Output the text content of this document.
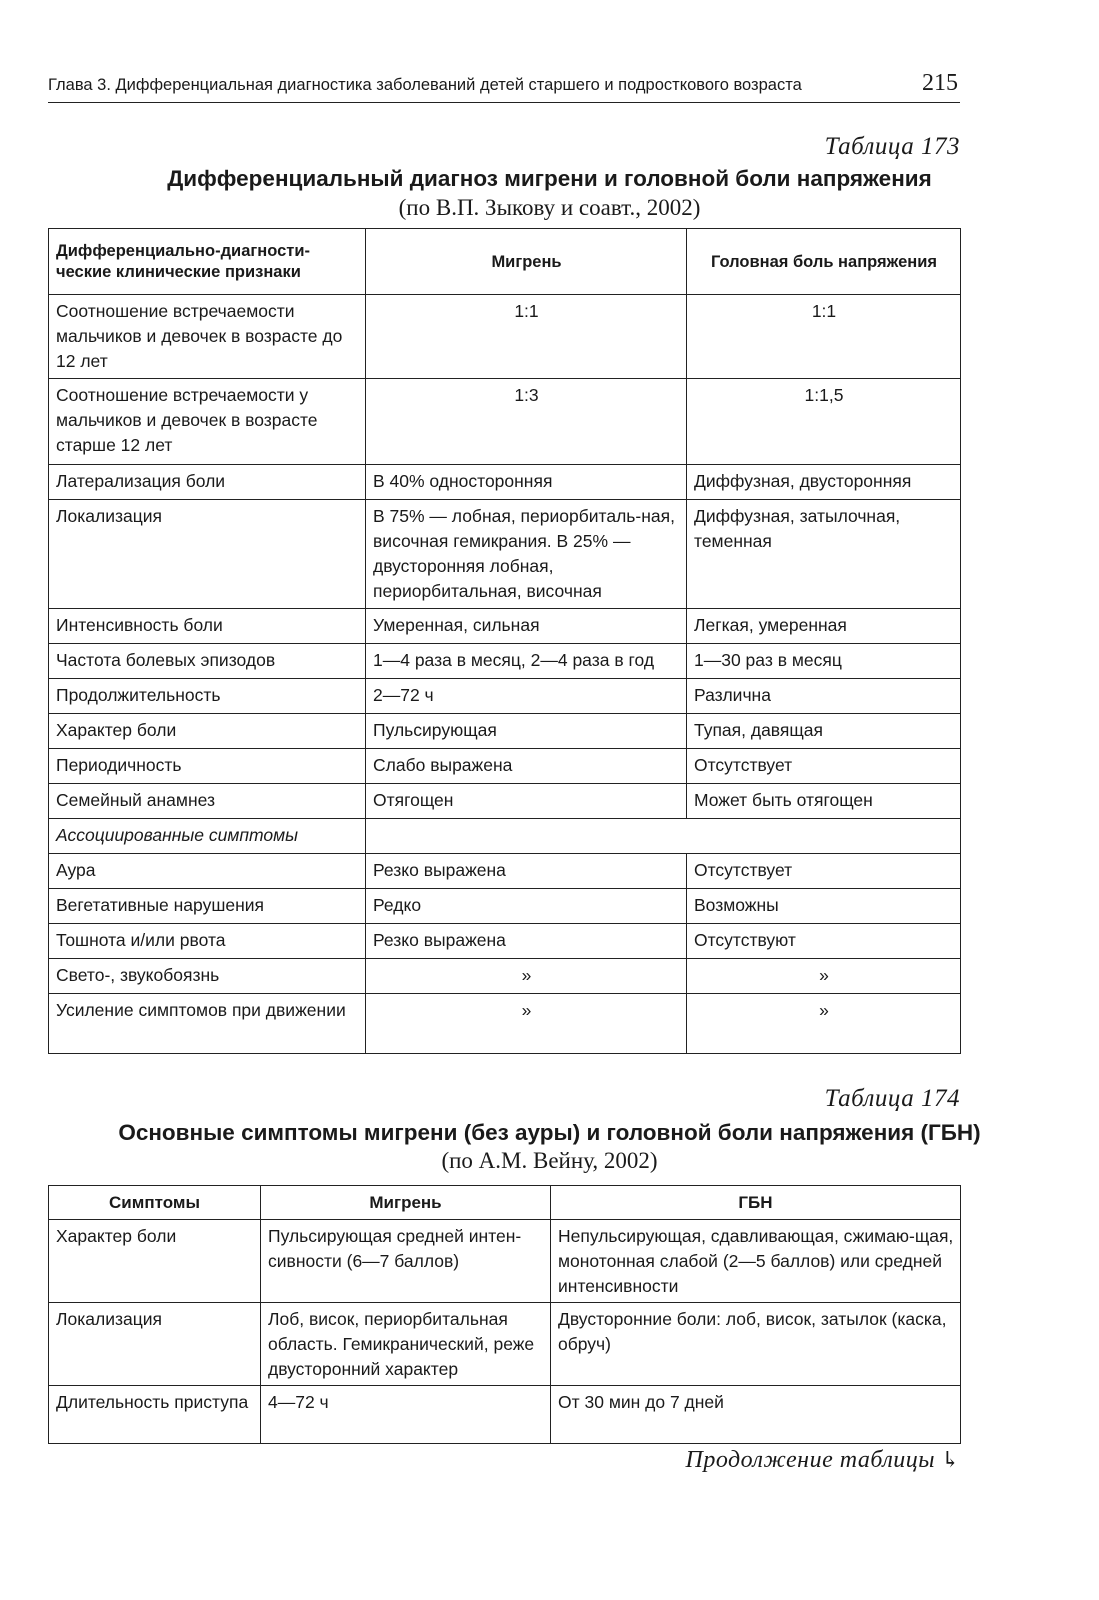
Глава 3. Дифференциальная диагностика заболеваний детей старшего и подросткового возраста	215
Таблица 173
Дифференциальный диагноз мигрени и головной боли напряжения
(по В.П. Зыкову и соавт., 2002)
Дифференциально-диагности-ческие клинические признаки	Мигрень	Головная боль напряжения
Соотношение встречаемости мальчиков и девочек в возрасте до 12 лет	1:1	1:1
Соотношение встречаемости у мальчиков и девочек в возрасте старше 12 лет	1:3	1:1,5
Латерализация боли	В 40% односторонняя	Диффузная, двусторонняя
Локализация	В 75% — лобная, периорбиталь-ная, височная гемикрания. В 25% — двусторонняя лобная, периорбитальная, височная	Диффузная, затылочная, теменная
Интенсивность боли	Умеренная, сильная	Легкая, умеренная
Частота болевых эпизодов	1—4 раза в месяц, 2—4 раза в год	1—30 раз в месяц
Продолжительность	2—72 ч	Различна
Характер боли	Пульсирующая	Тупая, давящая
Периодичность	Слабо выражена	Отсутствует
Семейный анамнез	Отягощен	Может быть отягощен
Ассоциированные симптомы		
Аура	Резко выражена	Отсутствует
Вегетативные нарушения	Редко	Возможны
Тошнота и/или рвота	Резко выражена	Отсутствуют
Свето-, звукобоязнь	»	»
Усиление симптомов при движении	»	»
Таблица 174
Основные симптомы мигрени (без ауры) и головной боли напряжения (ГБН)
(по А.М. Вейну, 2002)
Симптомы	Мигрень	ГБН
Характер боли	Пульсирующая средней интен-сивности (6—7 баллов)	Непульсирующая, сдавливающая, сжимаю-щая, монотонная слабой (2—5 баллов) или средней интенсивности
Локализация	Лоб, висок, периорбитальная область. Гемикранический, реже двусторонний характер	Двусторонние боли: лоб, висок, затылок (каска, обруч)
Длительность приступа	4—72 ч	От 30 мин до 7 дней
Продолжение таблицы ↳
